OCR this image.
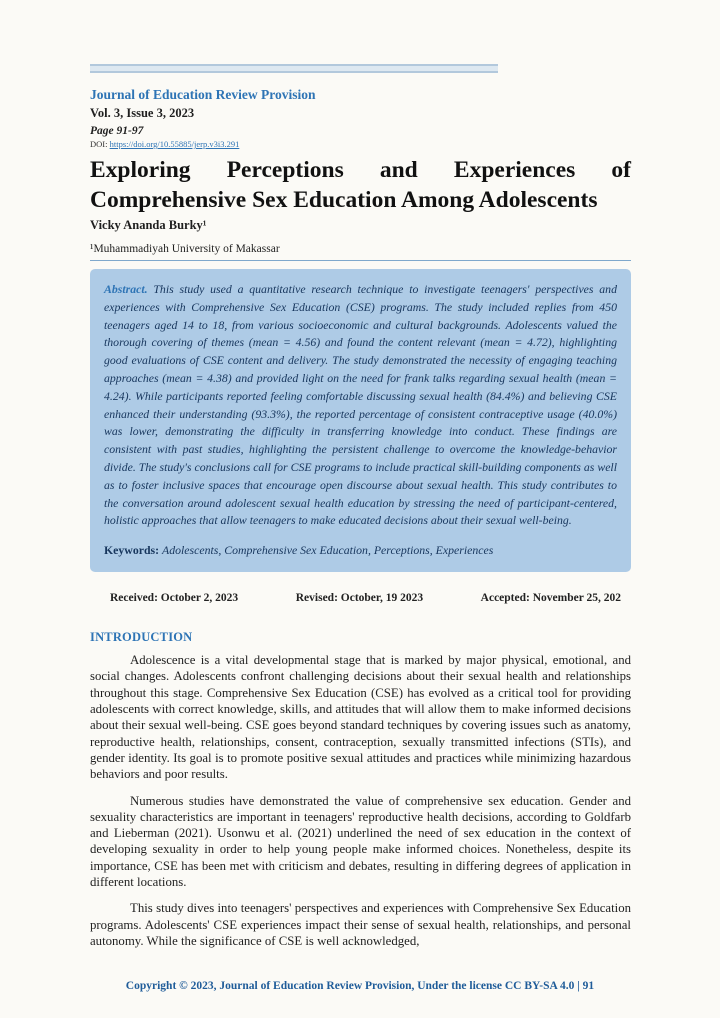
Journal of Education Review Provision
Vol. 3, Issue 3, 2023
Page 91-97
DOI: https://doi.org/10.55885/jerp.v3i3.291
Exploring Perceptions and Experiences of Comprehensive Sex Education Among Adolescents
Vicky Ananda Burky¹
¹Muhammadiyah University of Makassar
Abstract. This study used a quantitative research technique to investigate teenagers' perspectives and experiences with Comprehensive Sex Education (CSE) programs. The study included replies from 450 teenagers aged 14 to 18, from various socioeconomic and cultural backgrounds. Adolescents valued the thorough covering of themes (mean = 4.56) and found the content relevant (mean = 4.72), highlighting good evaluations of CSE content and delivery. The study demonstrated the necessity of engaging teaching approaches (mean = 4.38) and provided light on the need for frank talks regarding sexual health (mean = 4.24). While participants reported feeling comfortable discussing sexual health (84.4%) and believing CSE enhanced their understanding (93.3%), the reported percentage of consistent contraceptive usage (40.0%) was lower, demonstrating the difficulty in transferring knowledge into conduct. These findings are consistent with past studies, highlighting the persistent challenge to overcome the knowledge-behavior divide. The study's conclusions call for CSE programs to include practical skill-building components as well as to foster inclusive spaces that encourage open discourse about sexual health. This study contributes to the conversation around adolescent sexual health education by stressing the need of participant-centered, holistic approaches that allow teenagers to make educated decisions about their sexual well-being.
Keywords: Adolescents, Comprehensive Sex Education, Perceptions, Experiences
Received: October 2, 2023	Revised: October, 19 2023	Accepted: November 25, 202
INTRODUCTION

Adolescence is a vital developmental stage that is marked by major physical, emotional, and social changes. Adolescents confront challenging decisions about their sexual health and relationships throughout this stage. Comprehensive Sex Education (CSE) has evolved as a critical tool for providing adolescents with correct knowledge, skills, and attitudes that will allow them to make informed decisions about their sexual well-being. CSE goes beyond standard techniques by covering issues such as anatomy, reproductive health, relationships, consent, contraception, sexually transmitted infections (STIs), and gender identity. Its goal is to promote positive sexual attitudes and practices while minimizing hazardous behaviors and poor results.

Numerous studies have demonstrated the value of comprehensive sex education. Gender and sexuality characteristics are important in teenagers' reproductive health decisions, according to Goldfarb and Lieberman (2021). Usonwu et al. (2021) underlined the need of sex education in the context of developing sexuality in order to help young people make informed choices. Nonetheless, despite its importance, CSE has been met with criticism and debates, resulting in differing degrees of application in different locations.

This study dives into teenagers' perspectives and experiences with Comprehensive Sex Education programs. Adolescents' CSE experiences impact their sense of sexual health, relationships, and personal autonomy. While the significance of CSE is well acknowledged,

Copyright © 2023, Journal of Education Review Provision, Under the license CC BY-SA 4.0 | 91
